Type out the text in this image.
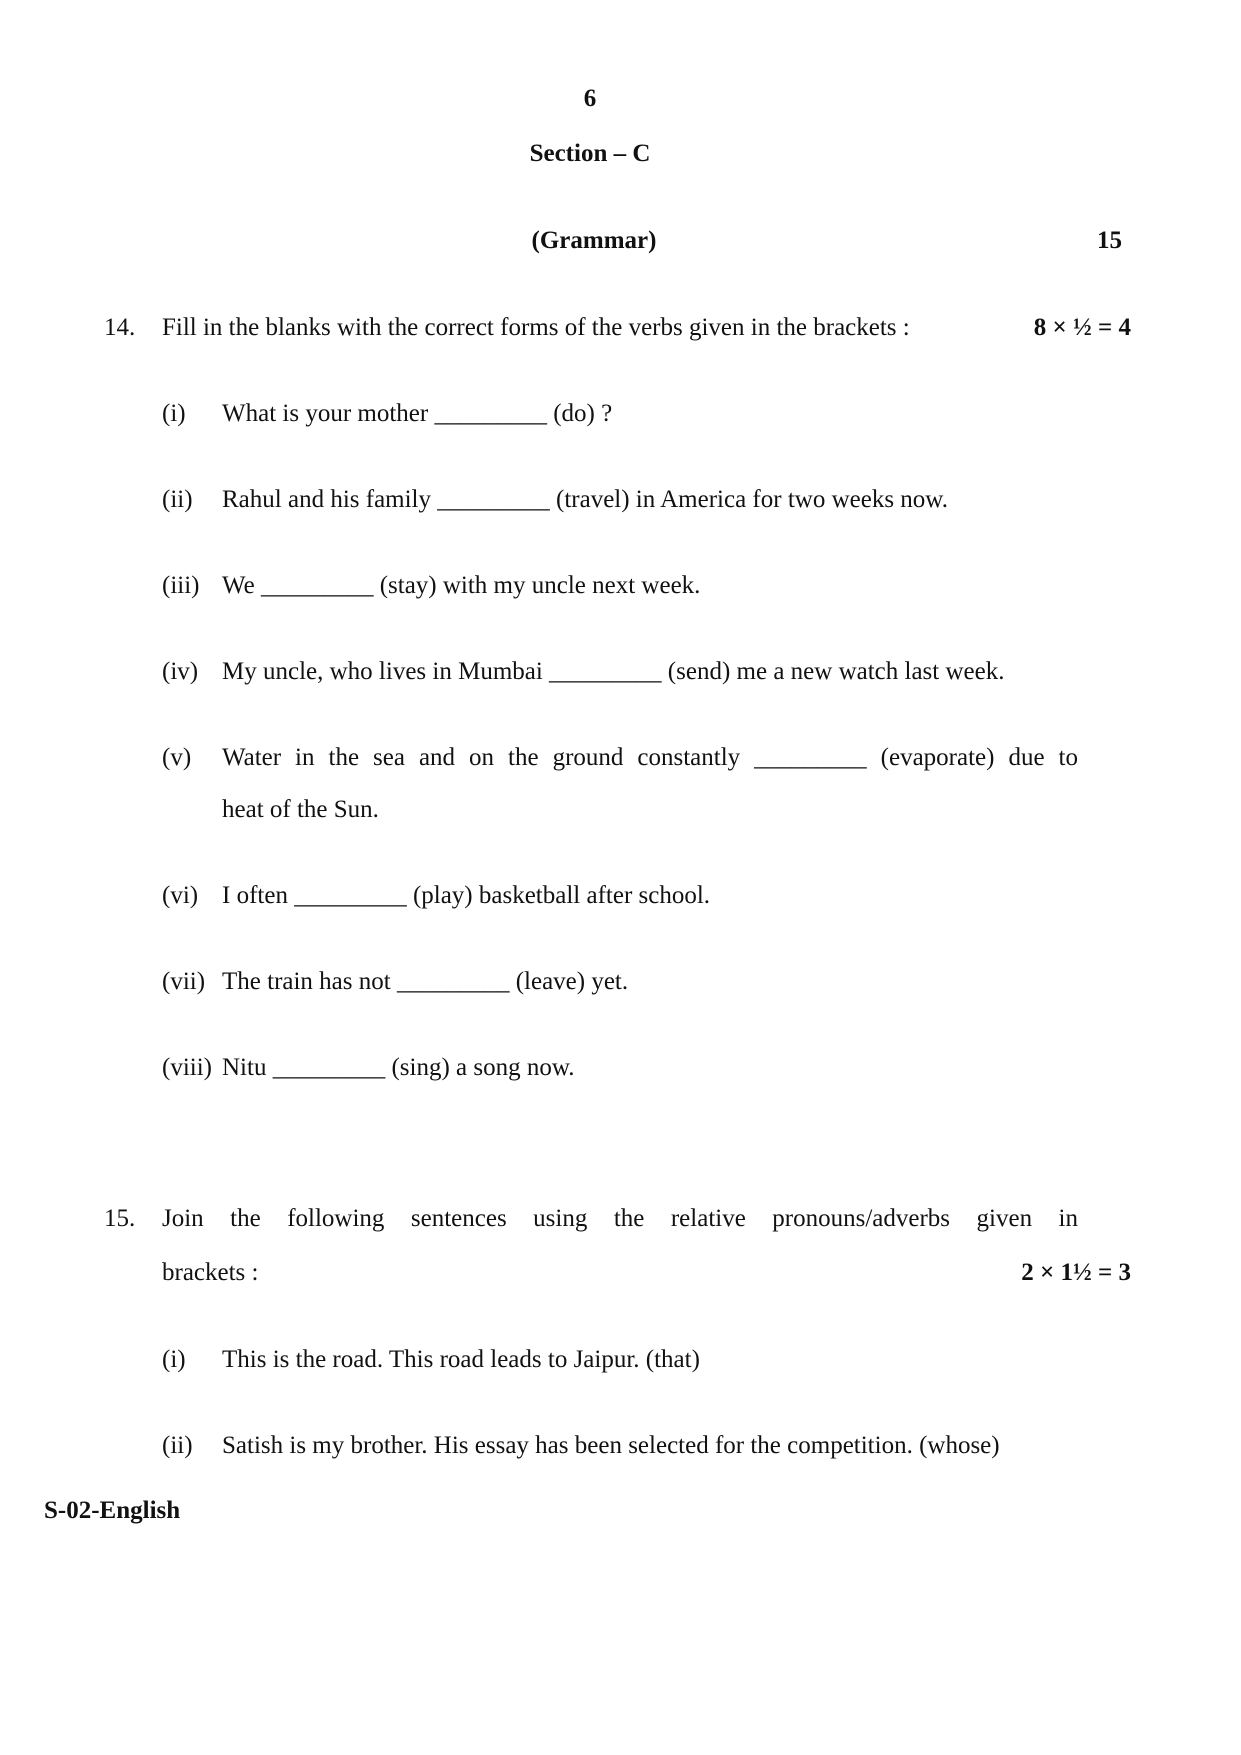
6
Section – C
(Grammar)	15
14. Fill in the blanks with the correct forms of the verbs given in the brackets :	8 × ½ = 4
(i) What is your mother _________ (do) ?
(ii) Rahul and his family _________ (travel) in America for two weeks now.
(iii) We _________ (stay) with my uncle next week.
(iv) My uncle, who lives in Mumbai _________ (send) me a new watch last week.
(v) Water in the sea and on the ground constantly _________ (evaporate) due to
heat of the Sun.
(vi) I often _________ (play) basketball after school.
(vii) The train has not _________ (leave) yet.
(viii) Nitu _________ (sing) a song now.
15. Join the following sentences using the relative pronouns/adverbs given in
brackets :	2 × 1½ = 3
(i) This is the road. This road leads to Jaipur. (that)
(ii) Satish is my brother. His essay has been selected for the competition. (whose)
S-02-English
